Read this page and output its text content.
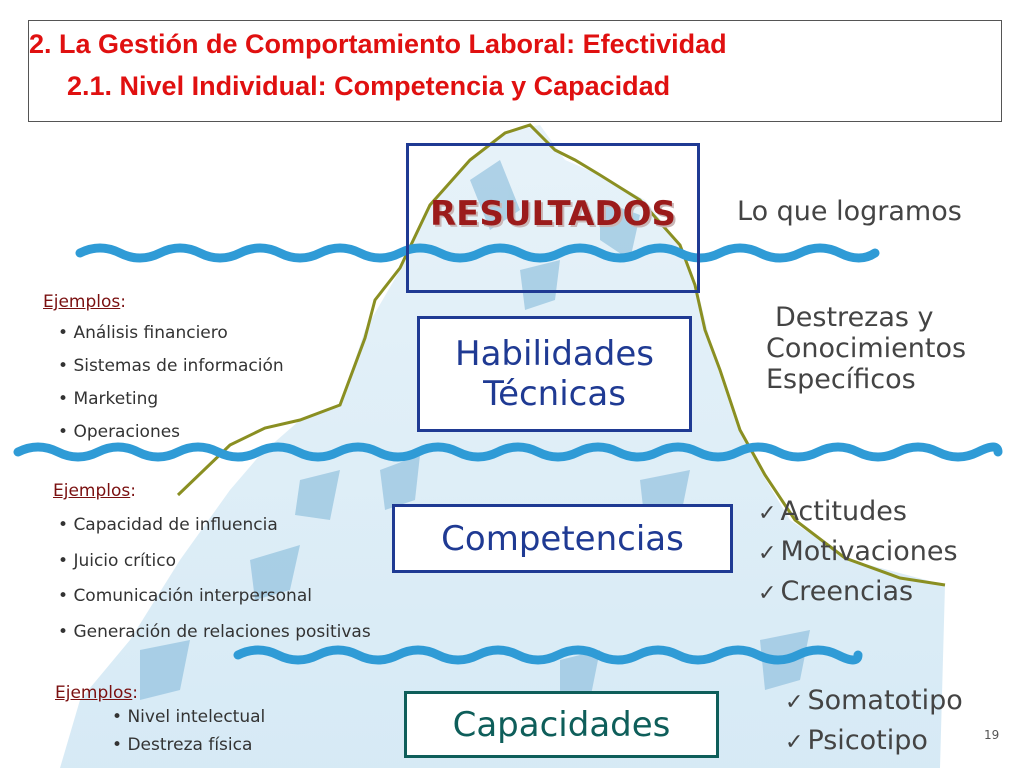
2. La Gestión de Comportamiento Laboral: Efectividad
2.1. Nivel Individual: Competencia y Capacidad
RESULTADOS Lo que logramos
Habilidades
Técnicas
Destrezas y
Conocimientos
Específicos
Ejemplos:
• Análisis financiero
• Sistemas de información
• Marketing
• Operaciones
Competencias
✓ Actitudes
✓ Motivaciones
✓ Creencias
Ejemplos:
• Capacidad de influencia
• Juicio crítico
• Comunicación interpersonal
• Generación de relaciones positivas
Capacidades
✓ Somatotipo
✓ Psicotipo
Ejemplos:
• Nivel intelectual
• Destreza física	19
